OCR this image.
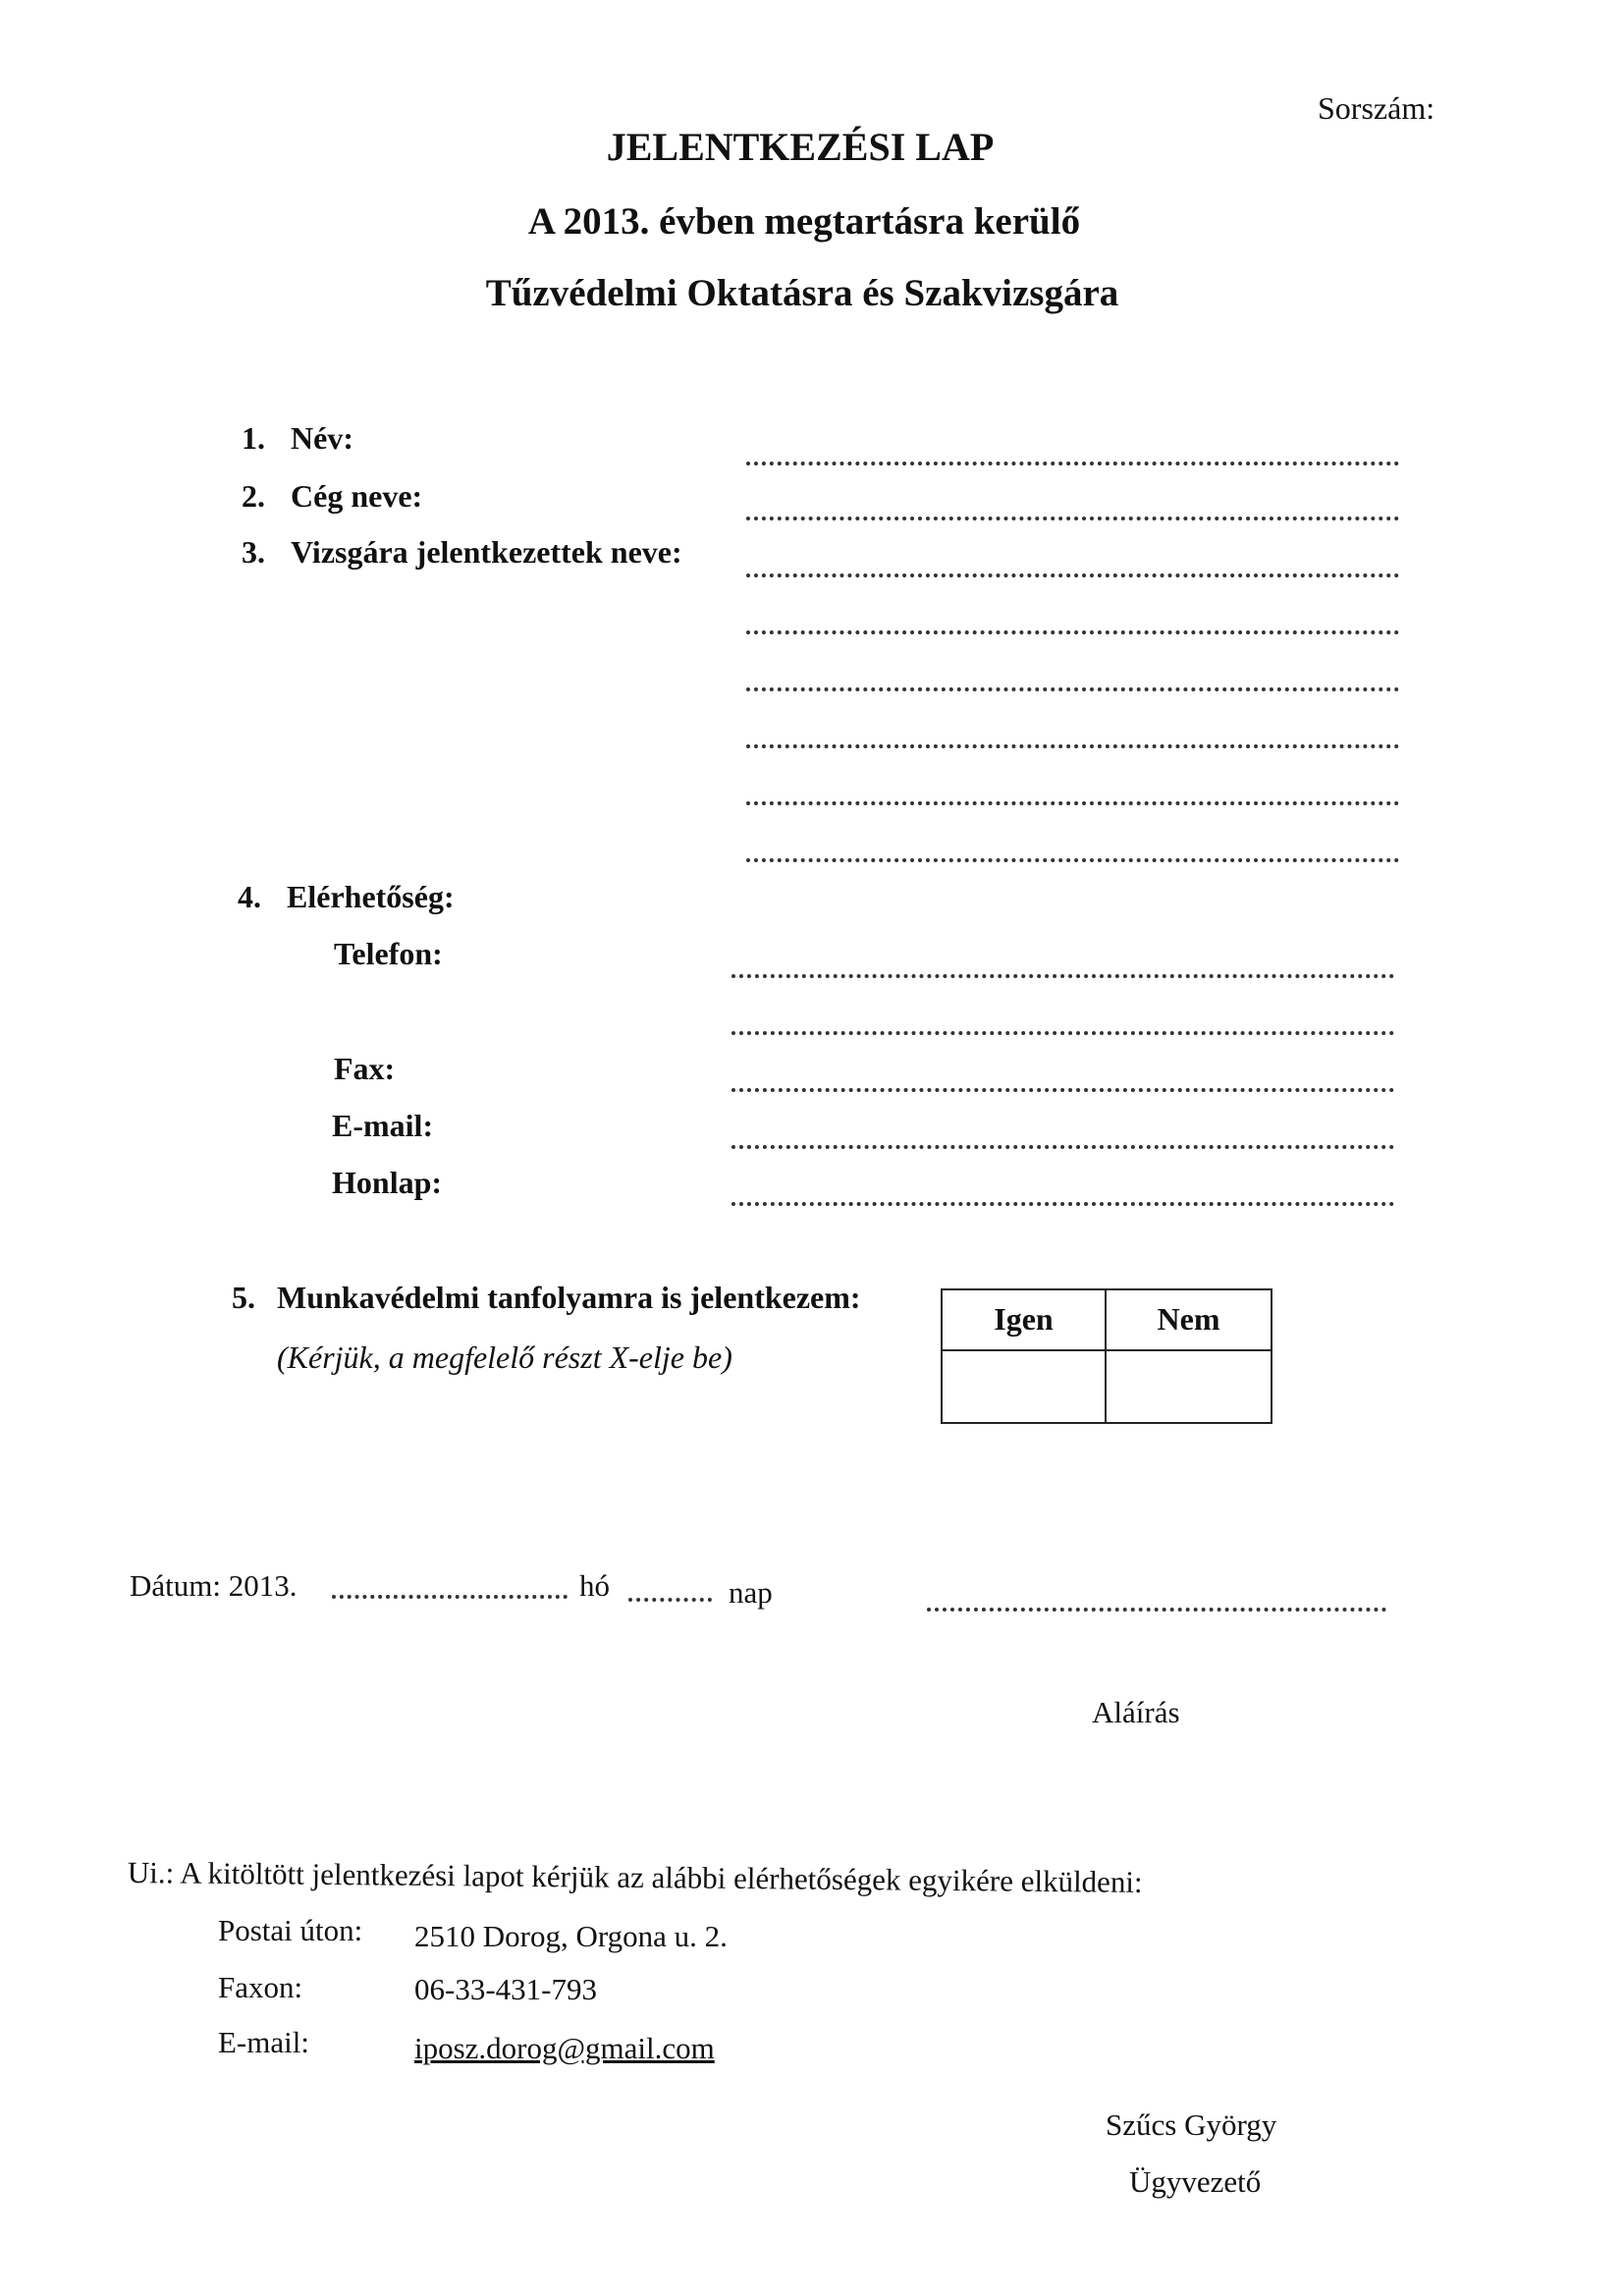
Sorszám:
JELENTKEZÉSI LAP
A 2013. évben megtartásra kerülő
Tűzvédelmi Oktatásra és Szakvizsgára
1. Név:
2. Cég neve:
3. Vizsgára jelentkezettek neve:
4. Elérhetőség:
Telefon:
Fax:
E-mail:
Honlap:
5. Munkavédelmi tanfolyamra is jelentkezem:
(Kérjük, a megfelelő részt X-elje be)
Igen	Nem
Dátum: 2013.	hó	nap
Aláírás
Ui.: A kitöltött jelentkezési lapot kérjük az alábbi elérhetőségek egyikére elküldeni:
Postai úton: 2510 Dorog, Orgona u. 2.
Faxon:	06-33-431-793
E-mail:	iposz.dorog@gmail.com
Szűcs György
Ügyvezető
